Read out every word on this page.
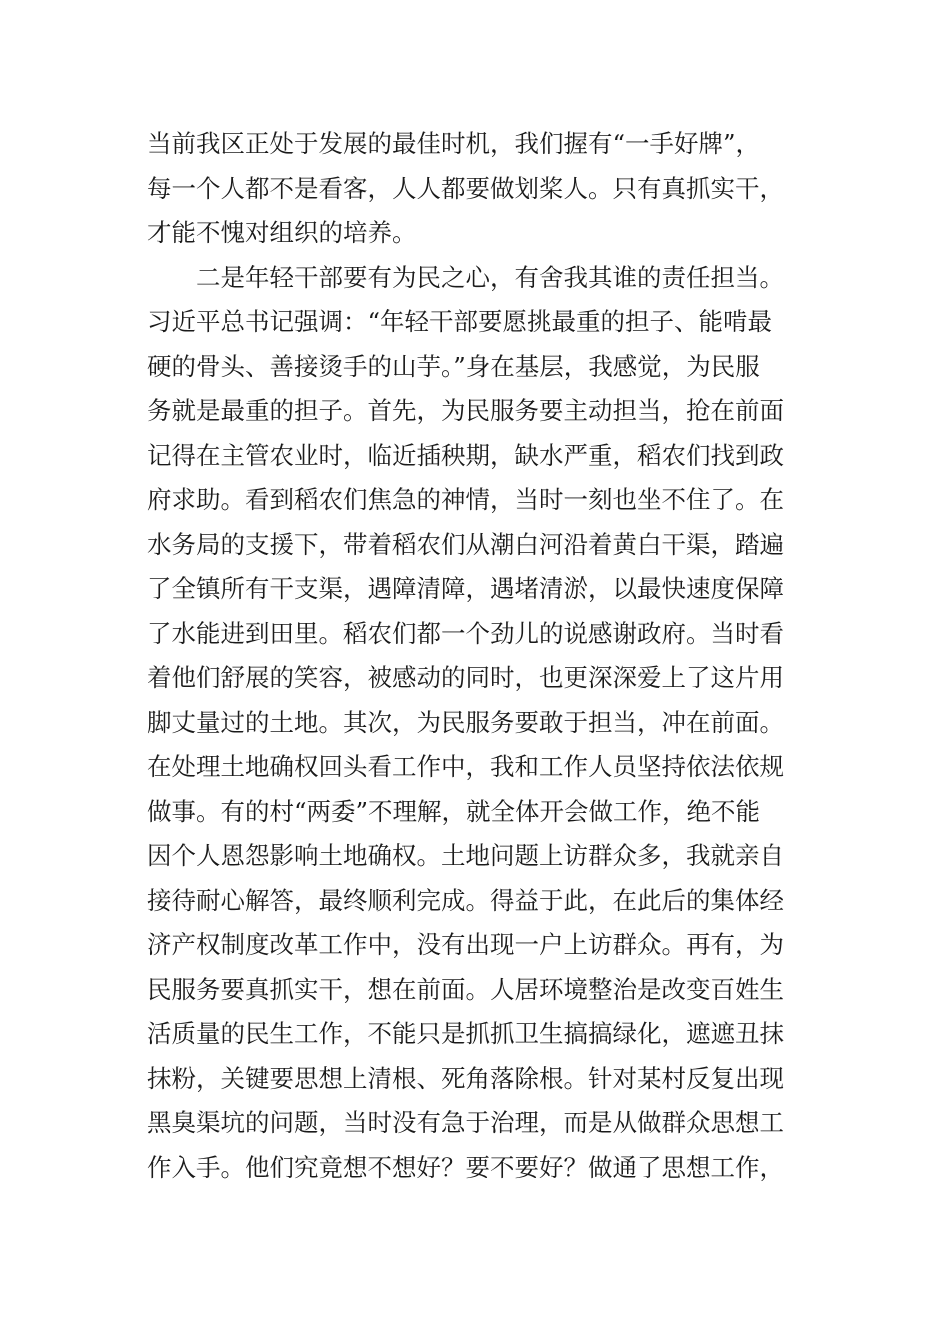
当前我区正处于发展的最佳时机，我们握有“一手好牌”，
每一个人都不是看客，人人都要做划桨人。只有真抓实干，
才能不愧对组织的培养。
二是年轻干部要有为民之心，有舍我其谁的责任担当。
习近平总书记强调：“年轻干部要愿挑最重的担子、能啃最
硬的骨头、善接烫手的山芋。”身在基层，我感觉，为民服
务就是最重的担子。首先，为民服务要主动担当，抢在前面
记得在主管农业时，临近插秧期，缺水严重，稻农们找到政
府求助。看到稻农们焦急的神情，当时一刻也坐不住了。在
水务局的支援下，带着稻农们从潮白河沿着黄白干渠，踏遍
了全镇所有干支渠，遇障清障，遇堵清淤，以最快速度保障
了水能进到田里。稻农们都一个劲儿的说感谢政府。当时看
着他们舒展的笑容，被感动的同时，也更深深爱上了这片用
脚丈量过的土地。其次，为民服务要敢于担当，冲在前面。
在处理土地确权回头看工作中，我和工作人员坚持依法依规
做事。有的村“两委”不理解，就全体开会做工作，绝不能
因个人恩怨影响土地确权。土地问题上访群众多，我就亲自
接待耐心解答，最终顺利完成。得益于此，在此后的集体经
济产权制度改革工作中，没有出现一户上访群众。再有，为
民服务要真抓实干，想在前面。人居环境整治是改变百姓生
活质量的民生工作，不能只是抓抓卫生搞搞绿化，遮遮丑抹
抹粉，关键要思想上清根、死角落除根。针对某村反复出现
黑臭渠坑的问题，当时没有急于治理，而是从做群众思想工
作入手。他们究竟想不想好？要不要好？做通了思想工作，
